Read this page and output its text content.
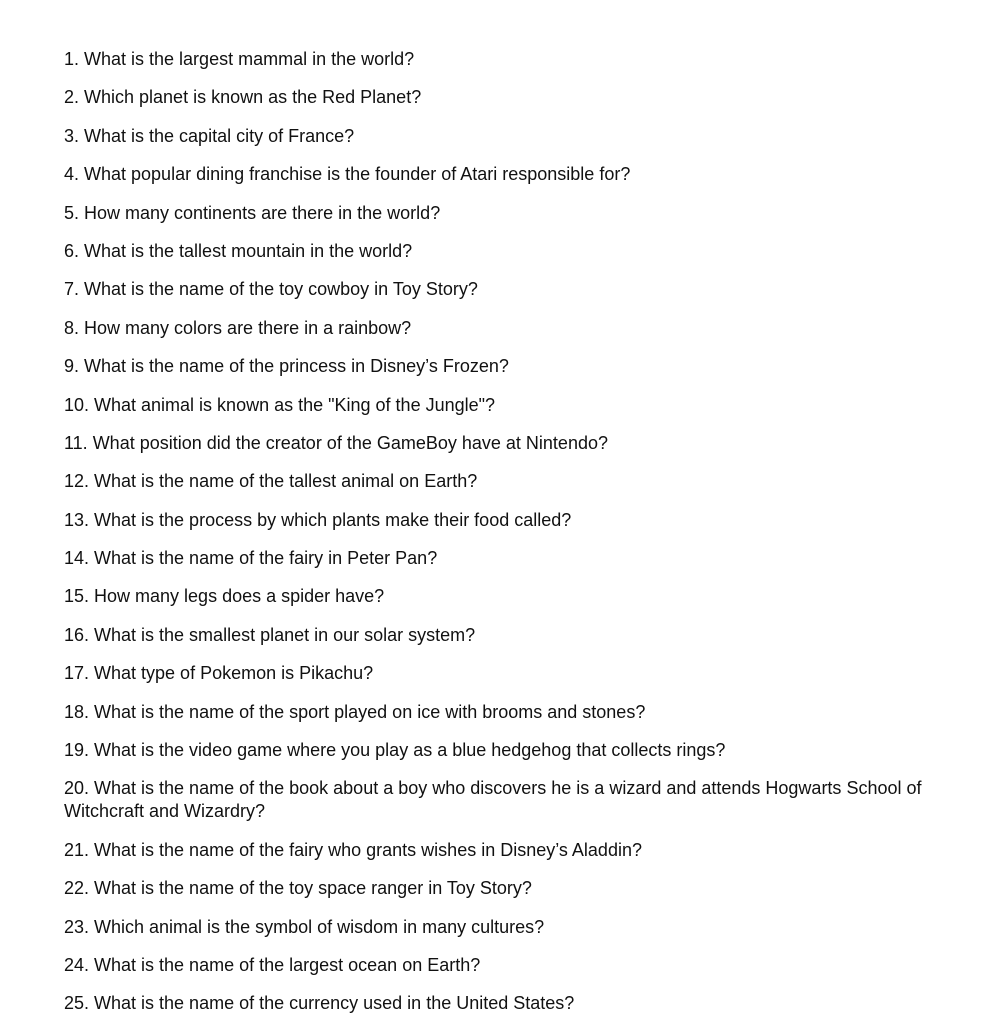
1. What is the largest mammal in the world?
2. Which planet is known as the Red Planet?
3. What is the capital city of France?
4. What popular dining franchise is the founder of Atari responsible for?
5. How many continents are there in the world?
6. What is the tallest mountain in the world?
7. What is the name of the toy cowboy in Toy Story?
8. How many colors are there in a rainbow?
9. What is the name of the princess in Disney’s Frozen?
10. What animal is known as the "King of the Jungle"?
11. What position did the creator of the GameBoy have at Nintendo?
12. What is the name of the tallest animal on Earth?
13. What is the process by which plants make their food called?
14. What is the name of the fairy in Peter Pan?
15. How many legs does a spider have?
16. What is the smallest planet in our solar system?
17. What type of Pokemon is Pikachu?
18. What is the name of the sport played on ice with brooms and stones?
19. What is the video game where you play as a blue hedgehog that collects rings?
20. What is the name of the book about a boy who discovers he is a wizard and attends Hogwarts School of Witchcraft and Wizardry?
21. What is the name of the fairy who grants wishes in Disney’s Aladdin?
22. What is the name of the toy space ranger in Toy Story?
23. Which animal is the symbol of wisdom in many cultures?
24. What is the name of the largest ocean on Earth?
25. What is the name of the currency used in the United States?
